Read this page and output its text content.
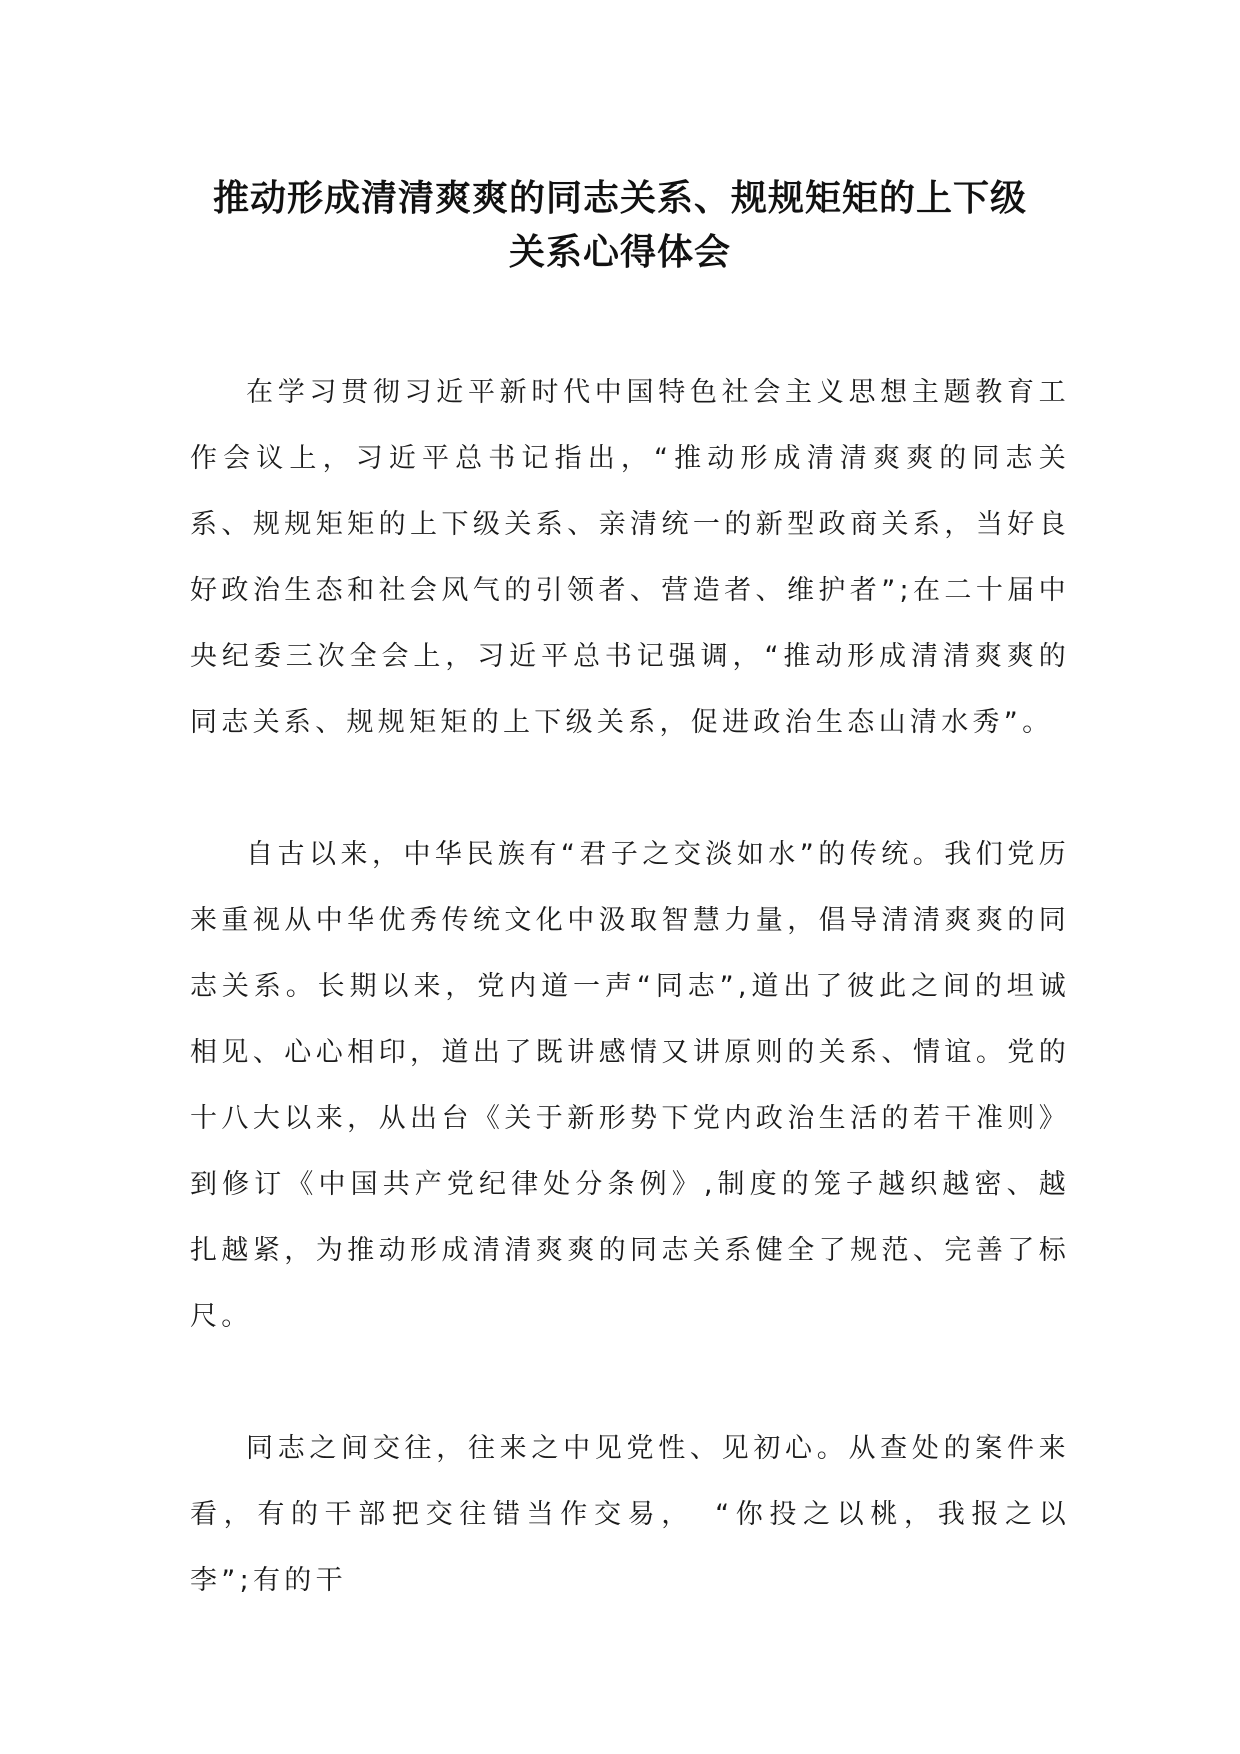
推动形成清清爽爽的同志关系、规规矩矩的上下级
关系心得体会

在学习贯彻习近平新时代中国特色社会主义思想主题教育工作会议上，习近平总书记指出，“推动形成清清爽爽的同志关系、规规矩矩的上下级关系、亲清统一的新型政商关系，当好良好政治生态和社会风气的引领者、营造者、维护者”;在二十届中央纪委三次全会上，习近平总书记强调，“推动形成清清爽爽的同志关系、规规矩矩的上下级关系，促进政治生态山清水秀”。

自古以来，中华民族有“君子之交淡如水”的传统。我们党历来重视从中华优秀传统文化中汲取智慧力量，倡导清清爽爽的同志关系。长期以来，党内道一声“同志”,道出了彼此之间的坦诚相见、心心相印，道出了既讲感情又讲原则的关系、情谊。党的十八大以来，从出台《关于新形势下党内政治生活的若干准则》到修订《中国共产党纪律处分条例》,制度的笼子越织越密、越扎越紧，为推动形成清清爽爽的同志关系健全了规范、完善了标尺。

同志之间交往，往来之中见党性、见初心。从查处的案件来看，有的干部把交往错当作交易，　“你投之以桃，我报之以李”;有的干
